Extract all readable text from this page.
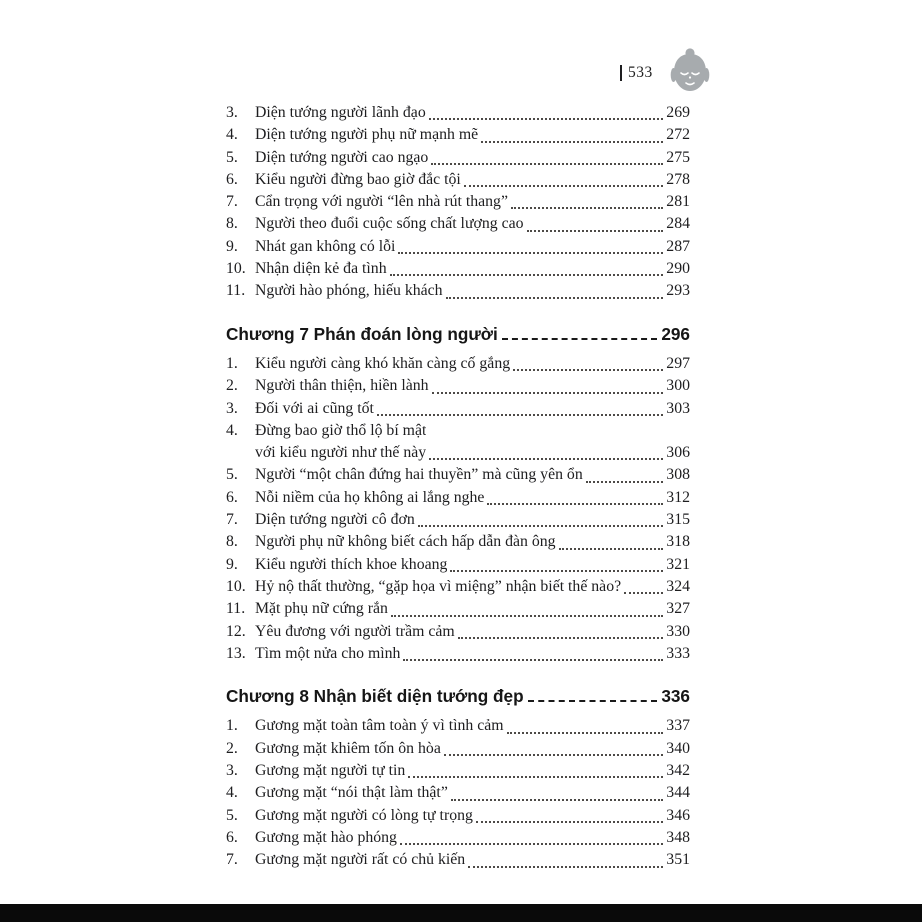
533
3.	Diện tướng người lãnh đạo	269
4.	Diện tướng người phụ nữ mạnh mẽ	272
5.	Diện tướng người cao ngạo	275
6.	Kiểu người đừng bao giờ đắc tội	278
7.	Cẩn trọng với người “lên nhà rút thang”	281
8.	Người theo đuổi cuộc sống chất lượng cao	284
9.	Nhát gan không có lỗi	287
10. Nhận diện kẻ đa tình	290
11. Người hào phóng, hiếu khách	293
Chương 7 Phán đoán lòng người	296
1.	Kiểu người càng khó khăn càng cố gắng	297
2.	Người thân thiện, hiền lành	300
3.	Đối với ai cũng tốt	303
4.	Đừng bao giờ thổ lộ bí mật
với kiểu người như thế này	306
5.	Người “một chân đứng hai thuyền” mà cũng yên ổn	308
6.	Nỗi niềm của họ không ai lắng nghe	312
7.	Diện tướng người cô đơn	315
8.	Người phụ nữ không biết cách hấp dẫn đàn ông	318
9.	Kiểu người thích khoe khoang	321
10. Hỷ nộ thất thường, “gặp họa vì miệng” nhận biết thế nào?	324
11. Mặt phụ nữ cứng rắn	327
12. Yêu đương với người trầm cảm	330
13. Tìm một nửa cho mình	333
Chương 8 Nhận biết diện tướng đẹp	336
1.	Gương mặt toàn tâm toàn ý vì tình cảm	337
2.	Gương mặt khiêm tốn ôn hòa	340
3.	Gương mặt người tự tin	342
4.	Gương mặt “nói thật làm thật”	344
5.	Gương mặt người có lòng tự trọng	346
6.	Gương mặt hào phóng	348
7.	Gương mặt người rất có chủ kiến	351
